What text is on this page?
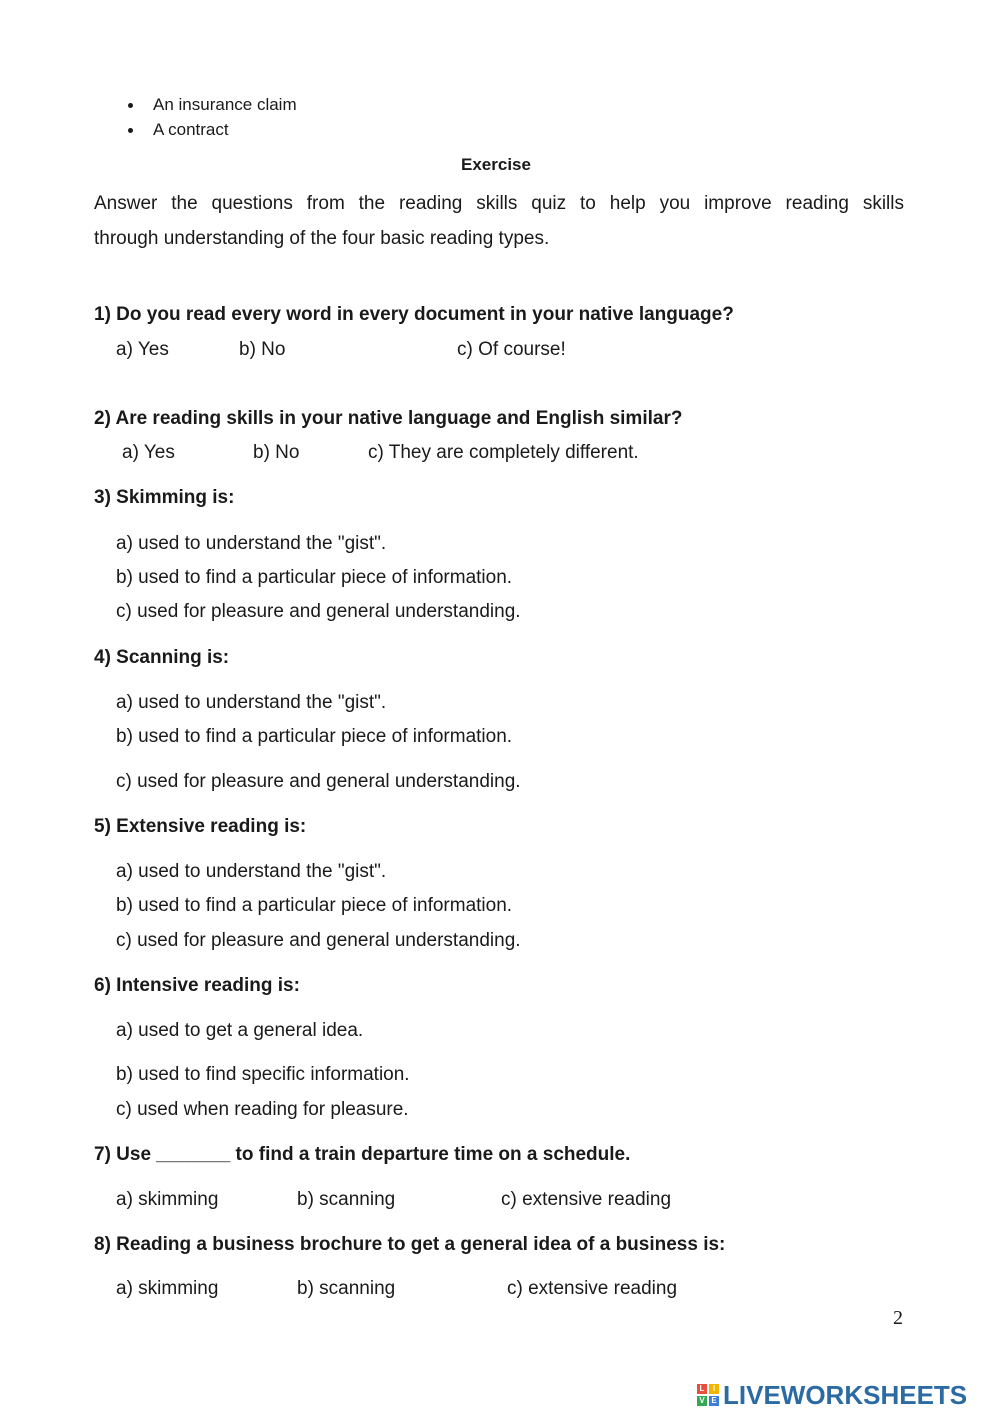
An insurance claim
A contract
Exercise
Answer the questions from the reading skills quiz to help you improve reading skills
through understanding of the four basic reading types.
1) Do you read every word in every document in your native language?
a) Yes	b) No	c) Of course!
2) Are reading skills in your native language and English similar?
a) Yes	b) No	c) They are completely different.
3) Skimming is:
a) used to understand the "gist".
b) used to find a particular piece of information.
c) used for pleasure and general understanding.
4) Scanning is:
a) used to understand the "gist".
b) used to find a particular piece of information.
c) used for pleasure and general understanding.
5) Extensive reading is:
a) used to understand the "gist".
b) used to find a particular piece of information.
c) used for pleasure and general understanding.
6) Intensive reading is:
a) used to get a general idea.
b) used to find specific information.
c) used when reading for pleasure.
7) Use _______ to find a train departure time on a schedule.
a) skimming	b) scanning	c) extensive reading
8) Reading a business brochure to get a general idea of a business is:
a) skimming	b) scanning	c) extensive reading
2
L	I
V E LIVEWORKSHEETS
